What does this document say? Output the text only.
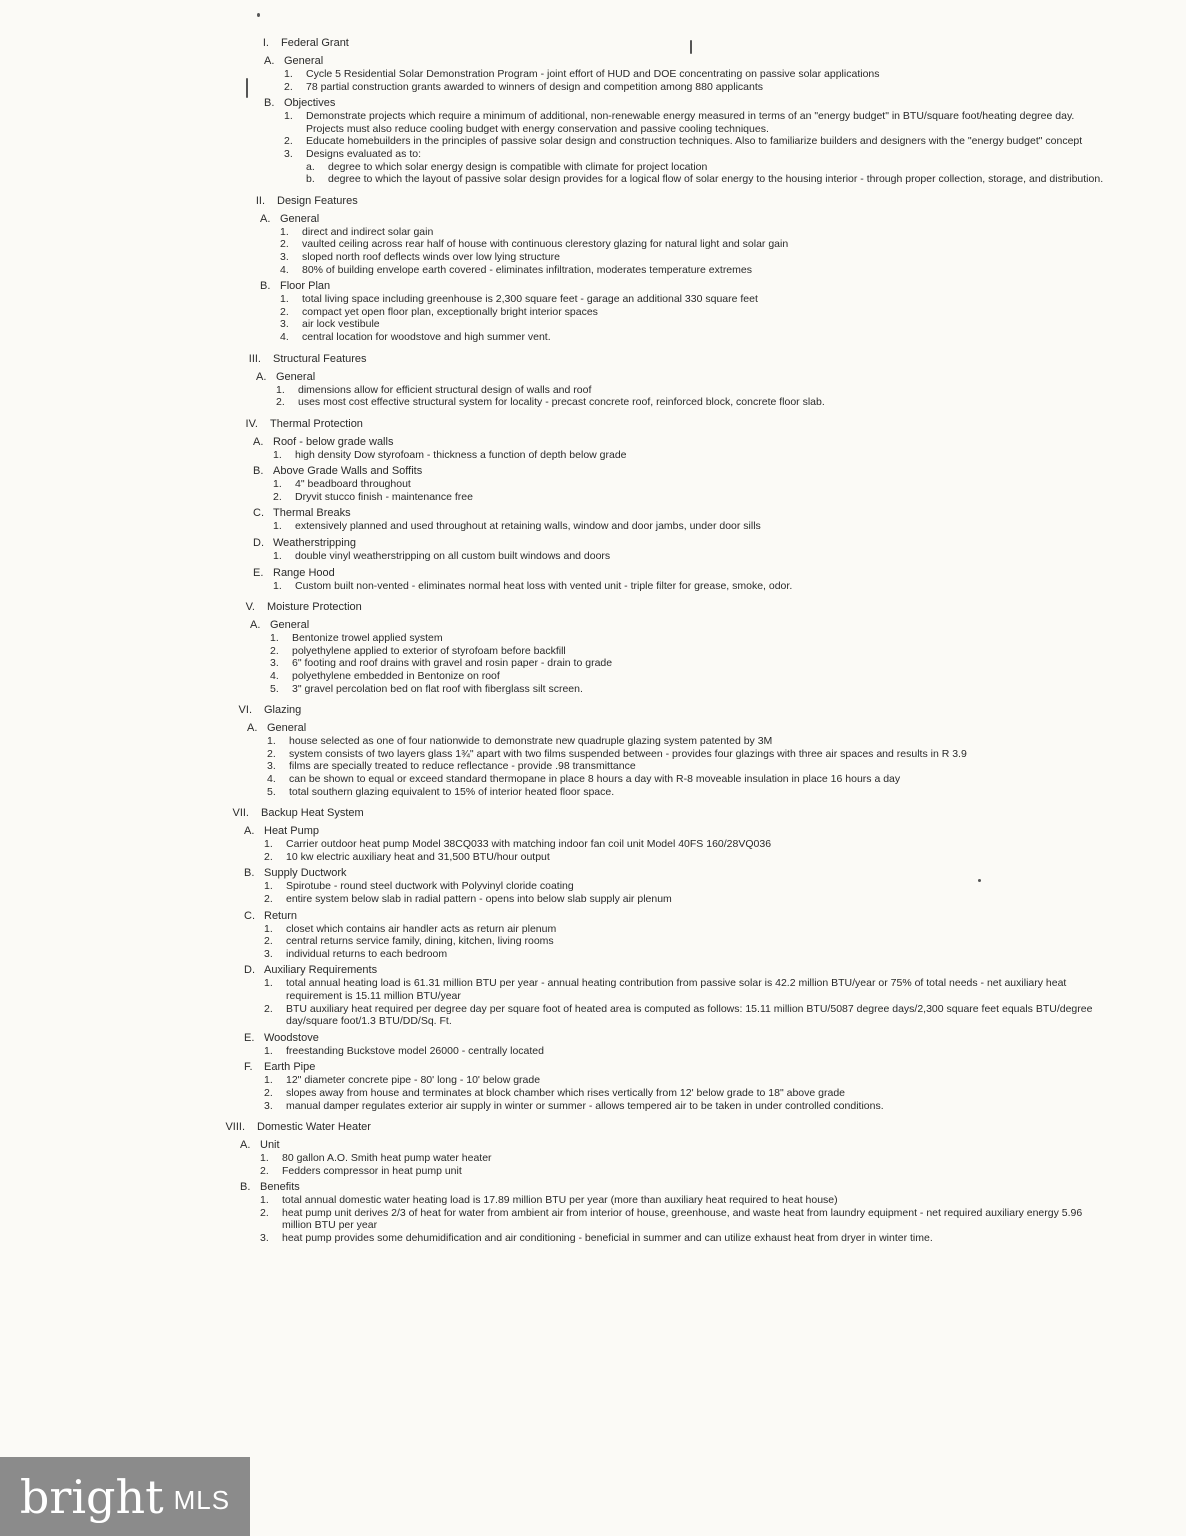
I. Federal Grant
A. General
1.	Cycle 5 Residential Solar Demonstration Program - joint effort of HUD and DOE concentrating on passive solar applications
2.	78 partial construction grants awarded to winners of design and competition among 880 applicants
B. Objectives
1.	Demonstrate projects which require a minimum of additional, non-renewable energy measured in terms of an "energy budget" in BTU/square foot/heating degree day. Projects must also reduce cooling budget with energy conservation and passive cooling techniques.
2.	Educate homebuilders in the principles of passive solar design and construction techniques. Also to familiarize builders and designers with the "energy budget" concept
3.	Designs evaluated as to:
a.	degree to which solar energy design is compatible with climate for project location
b.	degree to which the layout of passive solar design provides for a logical flow of solar energy to the housing interior - through proper collection, storage, and distribution.
II. Design Features
A. General
1.	direct and indirect solar gain
2.	vaulted ceiling across rear half of house with continuous clerestory glazing for natural light and solar gain
3.	sloped north roof deflects winds over low lying structure
4.	80% of building envelope earth covered - eliminates infiltration, moderates temperature extremes
B. Floor Plan
1.	total living space including greenhouse is 2,300 square feet - garage an additional 330 square feet
2.	compact yet open floor plan, exceptionally bright interior spaces
3.	air lock vestibule
4.	central location for woodstove and high summer vent.
III. Structural Features
A. General
1.	dimensions allow for efficient structural design of walls and roof
2.	uses most cost effective structural system for locality - precast concrete roof, reinforced block, concrete floor slab.
IV. Thermal Protection
A. Roof - below grade walls
1.	high density Dow styrofoam - thickness a function of depth below grade
B. Above Grade Walls and Soffits
1.	4" beadboard throughout
2.	Dryvit stucco finish - maintenance free
C. Thermal Breaks
1.	extensively planned and used throughout at retaining walls, window and door jambs, under door sills
D. Weatherstripping
1.	double vinyl weatherstripping on all custom built windows and doors
E. Range Hood
1.	Custom built non-vented - eliminates normal heat loss with vented unit - triple filter for grease, smoke, odor.
V. Moisture Protection
A. General
1.	Bentonize trowel applied system
2.	polyethylene applied to exterior of styrofoam before backfill
3.	6" footing and roof drains with gravel and rosin paper - drain to grade
4.	polyethylene embedded in Bentonize on roof
5.	3" gravel percolation bed on flat roof with fiberglass silt screen.
VI. Glazing
A. General
1.	house selected as one of four nationwide to demonstrate new quadruple glazing system patented by 3M
2.	system consists of two layers glass 1¾" apart with two films suspended between - provides four glazings with three air spaces and results in R 3.9
3.	films are specially treated to reduce reflectance - provide .98 transmittance
4.	can be shown to equal or exceed standard thermopane in place 8 hours a day with R-8 moveable insulation in place 16 hours a day
5.	total southern glazing equivalent to 15% of interior heated floor space.
VII. Backup Heat System
A. Heat Pump
1.	Carrier outdoor heat pump Model 38CQ033 with matching indoor fan coil unit Model 40FS 160/28VQ036
2.	10 kw electric auxiliary heat and 31,500 BTU/hour output
B. Supply Ductwork
1.	Spirotube - round steel ductwork with Polyvinyl cloride coating
2.	entire system below slab in radial pattern - opens into below slab supply air plenum
C. Return
1.	closet which contains air handler acts as return air plenum
2.	central returns service family, dining, kitchen, living rooms
3.	individual returns to each bedroom
D. Auxiliary Requirements
1.	total annual heating load is 61.31 million BTU per year - annual heating contribution from passive solar is 42.2 million BTU/year or 75% of total needs - net auxiliary heat requirement is 15.11 million BTU/year
2.	BTU auxiliary heat required per degree day per square foot of heated area is computed as follows: 15.11 million BTU/5087 degree days/2,300 square feet equals BTU/degree day/square foot/1.3 BTU/DD/Sq. Ft.
E. Woodstove
1.	freestanding Buckstove model 26000 - centrally located
F.	Earth Pipe
1.	12" diameter concrete pipe - 80' long - 10' below grade
2.	slopes away from house and terminates at block chamber which rises vertically from 12' below grade to 18" above grade
3.	manual damper regulates exterior air supply in winter or summer - allows tempered air to be taken in under controlled conditions.
VIII. Domestic Water Heater
A. Unit
1.	80 gallon A.O. Smith heat pump water heater
2.	Fedders compressor in heat pump unit
B. Benefits
1.	total annual domestic water heating load is 17.89 million BTU per year (more than auxiliary heat required to heat house)
2.	heat pump unit derives 2/3 of heat for water from ambient air from interior of house, greenhouse, and waste heat from laundry equipment - net required auxiliary energy 5.96 million BTU per year
3.	heat pump provides some dehumidification and air conditioning - beneficial in summer and can utilize exhaust heat from dryer in winter time.
bright MLS
